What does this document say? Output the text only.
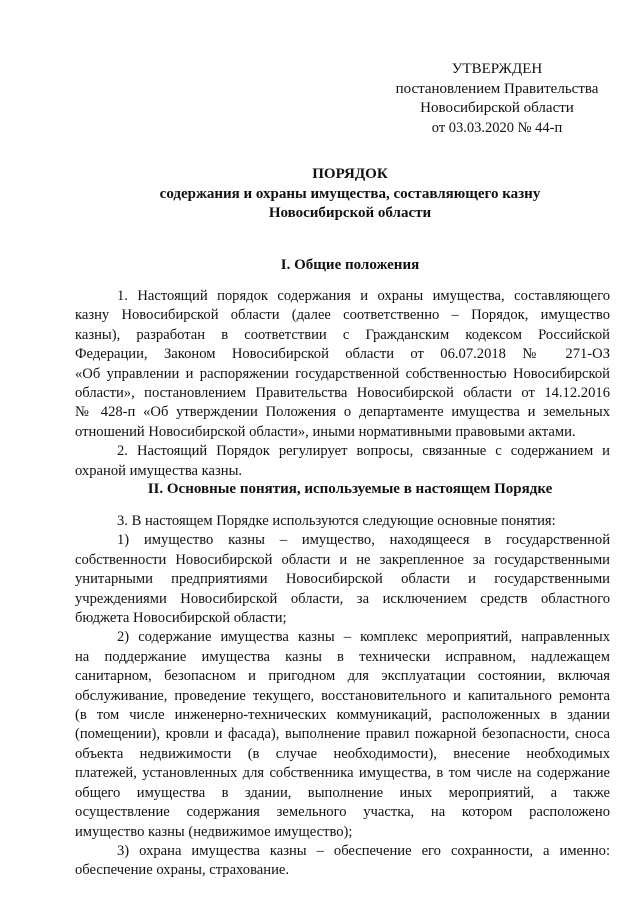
УТВЕРЖДЕН
постановлением Правительства
Новосибирской области
от 03.03.2020 № 44-п
ПОРЯДОК
содержания и охраны имущества, составляющего казну
Новосибирской области
I. Общие положения
1. Настоящий порядок содержания и охраны имущества, составляющего
казну Новосибирской области (далее соответственно – Порядок, имущество
казны), разработан в соответствии с Гражданским кодексом Российской
Федерации, Законом Новосибирской области от 06.07.2018 № 271-ОЗ
«Об управлении и распоряжении государственной собственностью Новосибирской
области», постановлением Правительства Новосибирской области от 14.12.2016
№ 428-п «Об утверждении Положения о департаменте имущества и земельных
отношений Новосибирской области», иными нормативными правовыми актами.
2. Настоящий Порядок регулирует вопросы, связанные с содержанием и
охраной имущества казны.
II. Основные понятия, используемые в настоящем Порядке
3. В настоящем Порядке используются следующие основные понятия:
1) имущество казны – имущество, находящееся в государственной
собственности Новосибирской области и не закрепленное за государственными
унитарными предприятиями Новосибирской области и государственными
учреждениями Новосибирской области, за исключением средств областного
бюджета Новосибирской области;
2) содержание имущества казны – комплекс мероприятий, направленных
на поддержание имущества казны в технически исправном, надлежащем
санитарном, безопасном и пригодном для эксплуатации состоянии, включая
обслуживание, проведение текущего, восстановительного и капитального ремонта
(в том числе инженерно-технических коммуникаций, расположенных в здании
(помещении), кровли и фасада), выполнение правил пожарной безопасности, сноса
объекта недвижимости (в случае необходимости), внесение необходимых
платежей, установленных для собственника имущества, в том числе на содержание
общего имущества в здании, выполнение иных мероприятий, а также
осуществление содержания земельного участка, на котором расположено
имущество казны (недвижимое имущество);
3) охрана имущества казны – обеспечение его сохранности, а именно:
обеспечение охраны, страхование.
